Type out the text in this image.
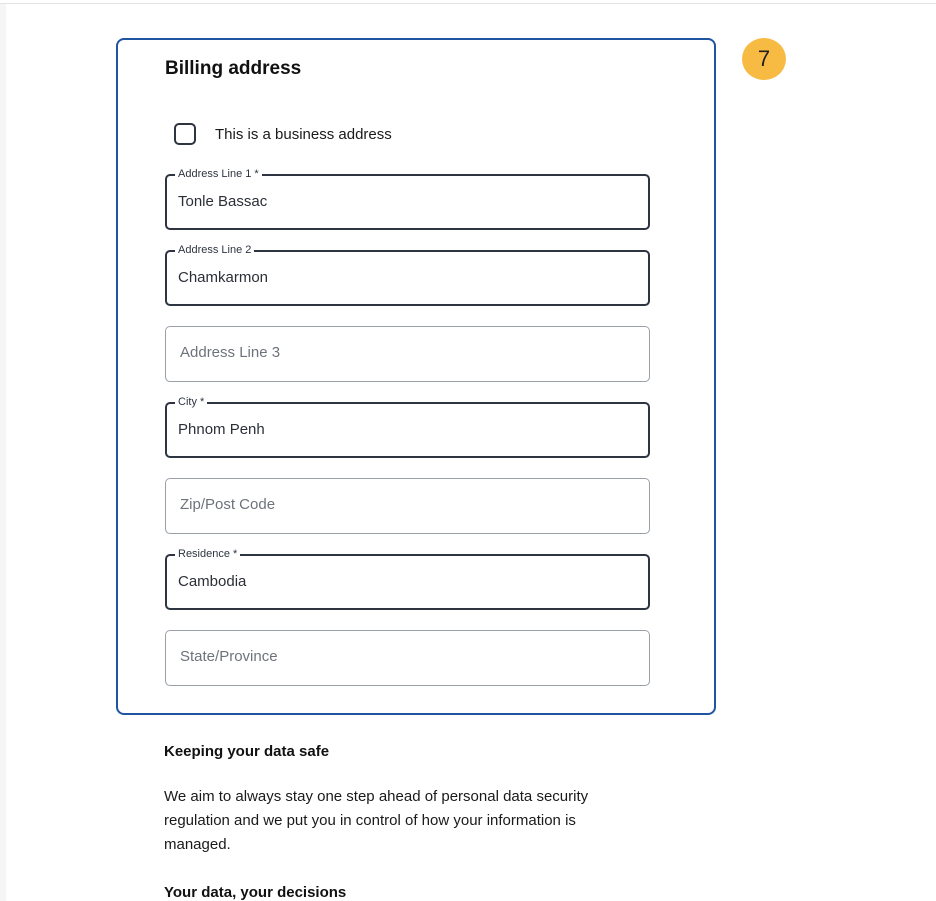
Billing address
This is a business address
Address Line 1 *
Tonle Bassac
Address Line 2
Chamkarmon
Address Line 3
City *
Phnom Penh
Zip/Post Code
Residence *
Cambodia
State/Province
7
Keeping your data safe

We aim to always stay one step ahead of personal data security regulation and we put you in control of how your information is managed.

Your data, your decisions
